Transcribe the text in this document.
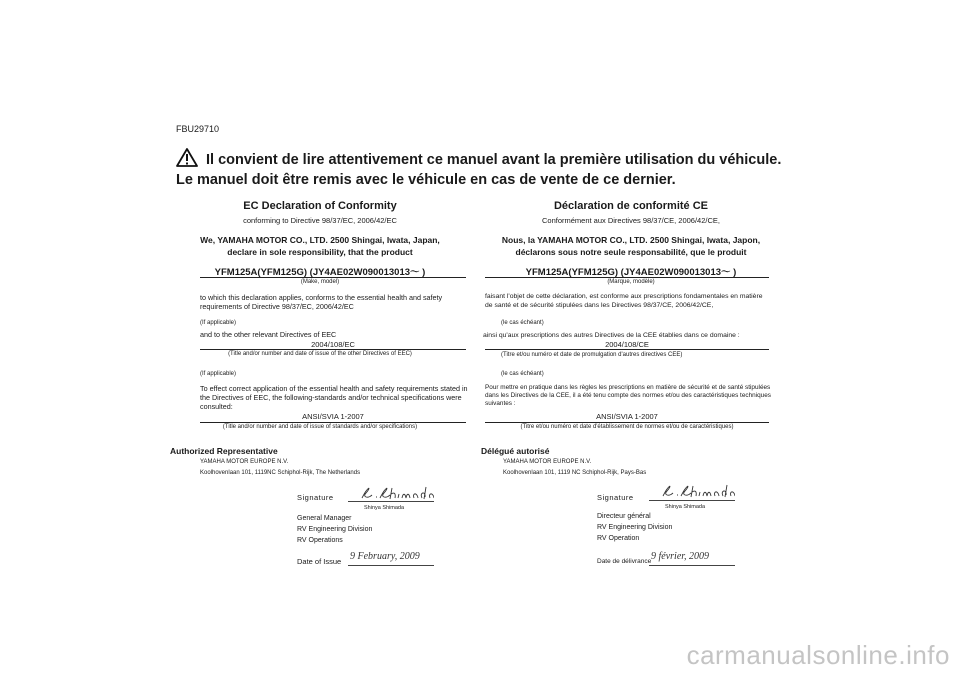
FBU29710
Il convient de lire attentivement ce manuel avant la première utilisation du véhicule. Le manuel doit être remis avec le véhicule en cas de vente de ce dernier.
EC Declaration of Conformity
conforming to Directive 98/37/EC, 2006/42/EC
We, YAMAHA MOTOR CO., LTD. 2500 Shingai, Iwata, Japan,
declare in sole responsibility, that the product
YFM125A(YFM125G) (JY4AE02W090013013～ )
(Make, model)
to which this declaration applies, conforms to the essential health and safety requirements of Directive 98/37/EC, 2006/42/EC
(If applicable)
and to the other relevant Directives of EEC
2004/108/EC
(Title and/or number and date of issue of the other Directives of EEC)
(If applicable)
To effect correct application of the essential health and safety requirements stated in the Directives of EEC, the following-standards and/or technical specifications were consulted:
ANSI/SVIA 1-2007
(Title and/or number and date of issue of standards and/or specifications)
Authorized Representative
YAMAHA MOTOR EUROPE N.V.
Koolhovenlaan 101, 1119NC Schiphol-Rijk, The Netherlands
Signature
Shinya Shimada
General Manager
RV Engineering Division
RV Operations
Date of Issue 9 February, 2009
Déclaration de conformité CE
Conformément aux Directives 98/37/CE, 2006/42/CE,
Nous, la YAMAHA MOTOR CO., LTD. 2500 Shingai, Iwata, Japon,
déclarons sous notre seule responsabilité, que le produit
YFM125A(YFM125G) (JY4AE02W090013013～ )
(Marque, modèle)
faisant l'objet de cette déclaration, est conforme aux prescriptions fondamentales en matière de santé et de sécurité stipulées dans les Directives 98/37/CE, 2006/42/CE,
(le cas échéant)
ainsi qu'aux prescriptions des autres Directives de la CEE établies dans ce domaine :
2004/108/CE
(Titre et/ou numéro et date de promulgation d'autres directives CEE)
(le cas échéant)
Pour mettre en pratique dans les règles les prescriptions en matière de sécurité et de santé stipulées dans les Directives de la CEE, il a été tenu compte des normes et/ou des caractéristiques techniques suivantes :
ANSI/SVIA 1-2007
(Titre et/ou numéro et date d'établissement de normes et/ou de caractéristiques)
Délégué autorisé
YAMAHA MOTOR EUROPE N.V.
Koolhovenlaan 101, 1119 NC Schiphol-Rijk, Pays-Bas
Signature
Shinya Shimada
Directeur général
RV Engineering Division
RV Operation
Date de délivrance 9 février, 2009
carmanualsonline.info
